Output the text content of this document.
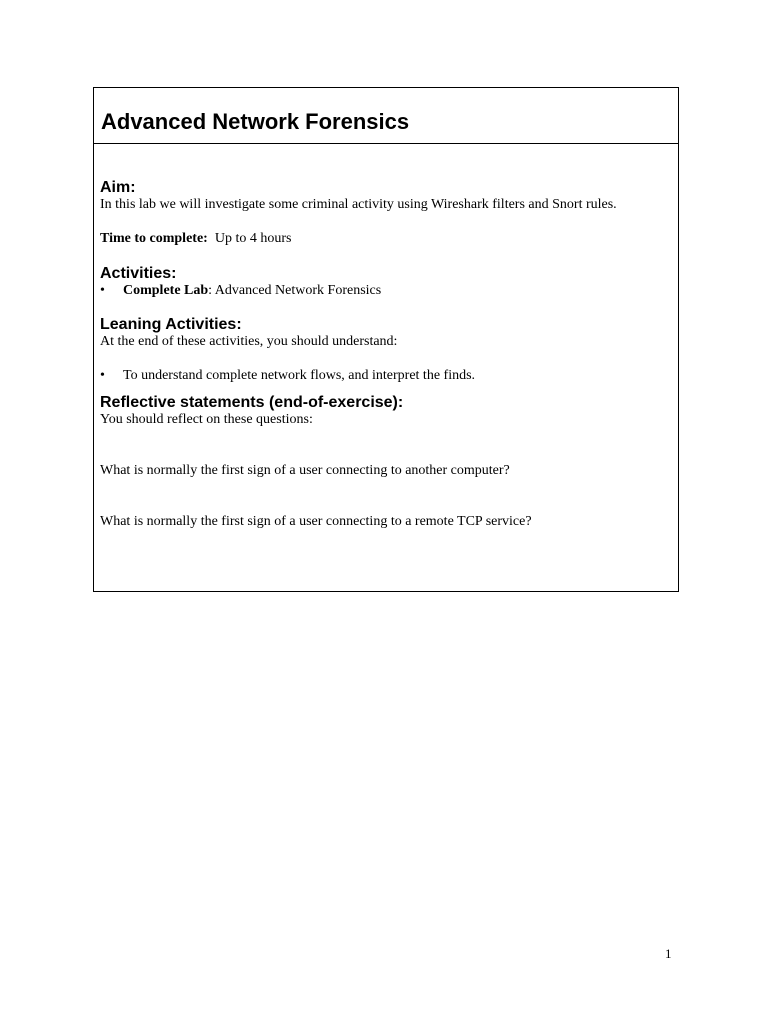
Advanced Network Forensics
Aim:

In this lab we will investigate some criminal activity using Wireshark filters and Snort rules.

Time to complete: Up to 4 hours

Activities:
•	Complete Lab: Advanced Network Forensics
Leaning Activities:

At the end of these activities, you should understand:

•	To understand complete network flows, and interpret the finds.
Reflective statements (end-of-exercise):

You should reflect on these questions:

What is normally the first sign of a user connecting to another computer?

What is normally the first sign of a user connecting to a remote TCP service?

1
